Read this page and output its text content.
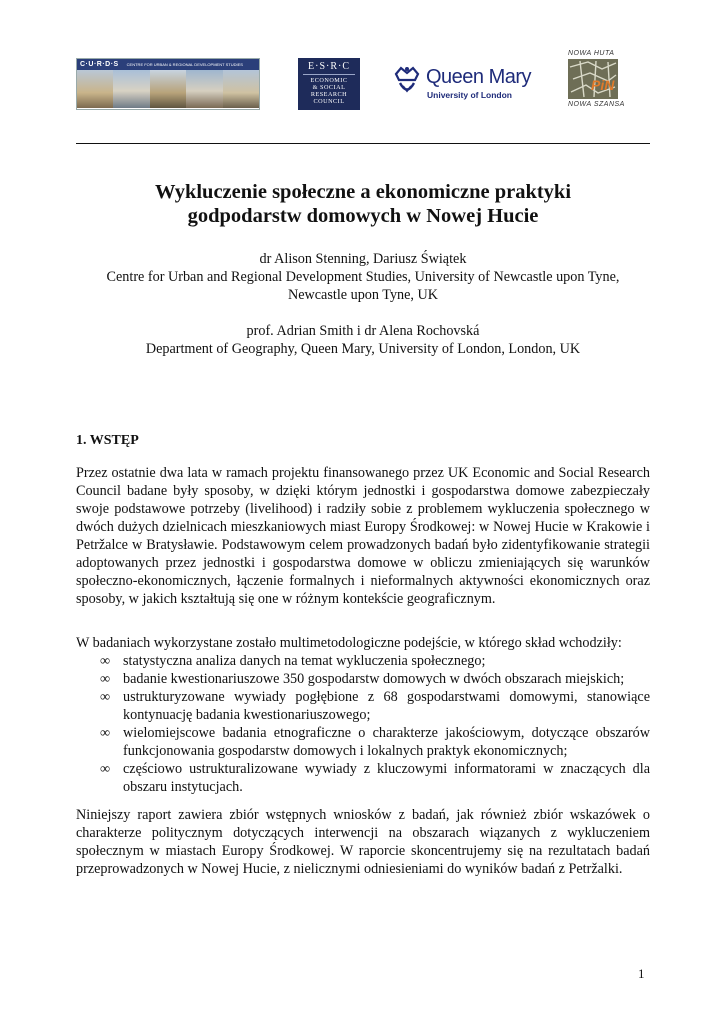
C·U·R·D·S CENTRE FOR URBAN & REGIONAL DEVELOPMENT STUDIES	E·S·R·C
ECONOMIC
& SOCIAL
RESEARCH
COUNCIL
Queen Mary
University of London
NOWA HUTA
PiN
NOWA SZANSA
Wykluczenie społeczne a ekonomiczne praktyki
godpodarstw domowych w Nowej Hucie

dr Alison Stenning, Dariusz Świątek

Centre for Urban and Regional Development Studies, University of Newcastle upon Tyne,

Newcastle upon Tyne, UK

prof. Adrian Smith i dr Alena Rochovská

Department of Geography, Queen Mary, University of London, London, UK

1. WSTĘP

Przez ostatnie dwa lata w ramach projektu finansowanego przez UK Economic and Social Research Council badane były sposoby, w dzięki którym jednostki i gospodarstwa domowe zabezpieczały swoje podstawowe potrzeby (livelihood) i radziły sobie z problemem wykluczenia społecznego w dwóch dużych dzielnicach mieszkaniowych miast Europy Środkowej: w Nowej Hucie w Krakowie i Petržalce w Bratysławie. Podstawowym celem prowadzonych badań było zidentyfikowanie strategii adoptowanych przez jednostki i gospodarstwa domowe w obliczu zmieniających się warunków społeczno-ekonomicznych, łączenie formalnych i nieformalnych aktywności ekonomicznych oraz sposoby, w jakich kształtują się one w różnym kontekście geograficznym.

W badaniach wykorzystane zostało multimetodologiczne podejście, w którego skład wchodziły:

∞ statystyczna analiza danych na temat wykluczenia społecznego;
∞ badanie kwestionariuszowe 350 gospodarstw domowych w dwóch obszarach miejskich;
∞ ustrukturyzowane wywiady pogłębione z 68 gospodarstwami domowymi, stanowiące kontynuację badania kwestionariuszowego;
∞ wielomiejscowe badania etnograficzne o charakterze jakościowym, dotyczące obszarów funkcjonowania gospodarstw domowych i lokalnych praktyk ekonomicznych;
∞ częściowo ustrukturalizowane wywiady z kluczowymi informatorami w znaczących dla obszaru instytucjach.

Niniejszy raport zawiera zbiór wstępnych wniosków z badań, jak również zbiór wskazówek o charakterze politycznym dotyczących interwencji na obszarach wiązanych z wykluczeniem społecznym w miastach Europy Środkowej. W raporcie skoncentrujemy się na rezultatach badań przeprowadzonych w Nowej Hucie, z nielicznymi odniesieniami do wyników badań z Petržalki.

1
